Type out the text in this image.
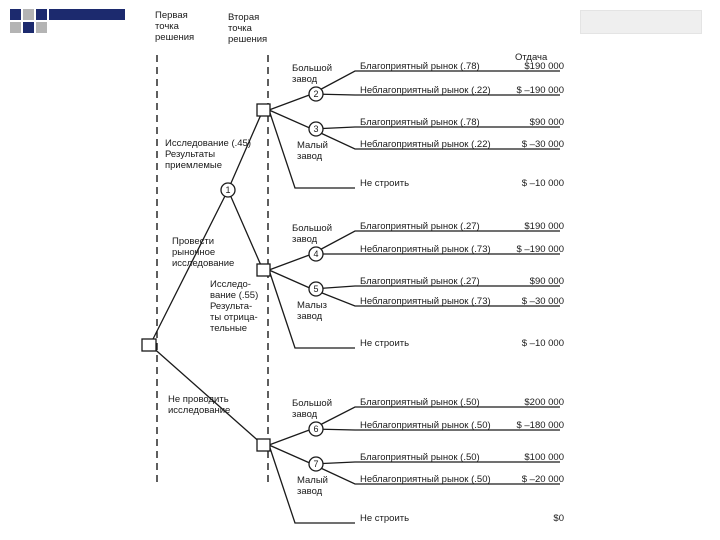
Первая точка решения
Вторая точка решения
Отдача
1
2
3
4
5
6
7
Провести рыночное исследование
Не проводить исследование
Исследование (.45) Результаты приемлемые
Исследо- вание (.55) Результа- ты отрица- тельные
Большой завод
Малый завод
Большой завод
Малыз завод
Большой завод
Малый завод
Благоприятный рынок (.78)	$190 000
Неблагоприятный рынок (.22)	$ –190 000
Благоприятный рынок (.78)	$90 000
Неблагоприятный рынок (.22)	$ –30 000
Не строить	$ –10 000
Благоприятный рынок (.27)	$190 000
Неблагоприятный рынок (.73)	$ –190 000
Благоприятный рынок (.27)	$90 000
Неблагоприятный рынок (.73)	$ –30 000
Не строить	$ –10 000
Благоприятный рынок (.50)	$200 000
Неблагоприятный рынок (.50)	$ –180 000
Благоприятный рынок (.50)	$100 000
Неблагоприятный рынок (.50)	$ –20 000
Не строить	$0
